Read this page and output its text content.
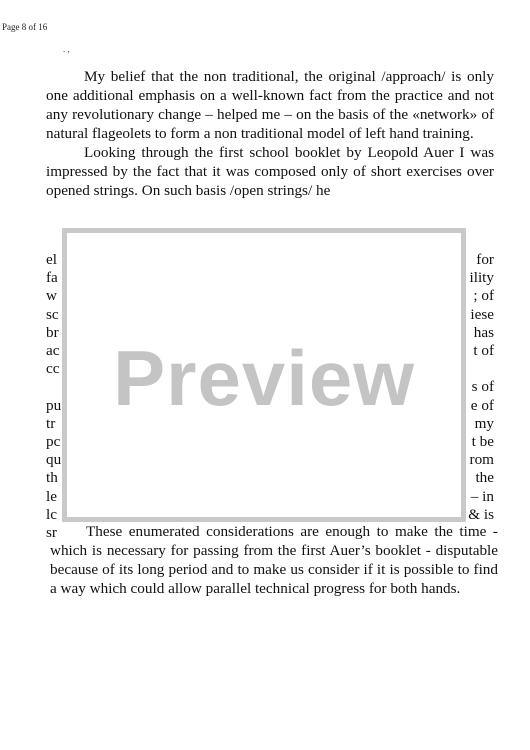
Page 8 of 16
. ,

My belief that the non traditional, the original /approach/ is only one additional emphasis on a well-known fact from the practice and not any revolutionary change – helped me – on the basis of the «network» of natural flageolets to form a non traditional model of left hand training.

Looking through the first school booklet by Leopold Auer I was impressed by the fact that it was composed only of short exercises over opened strings. On such basis /open strings/ he

el	for
fa	ility
w	; of
sc	iese
br	has
ac	t of
cc
s of
pu	e of
tr	my
pc	t be
qu	rom
th	the
le	– in
lc	& is
sr
Preview

These enumerated considerations are enough to make the time - which is necessary for passing from the first Auer’s booklet - disputable because of its long period and to make us consider if it is possible to find a way which could allow parallel technical progress for both hands.
